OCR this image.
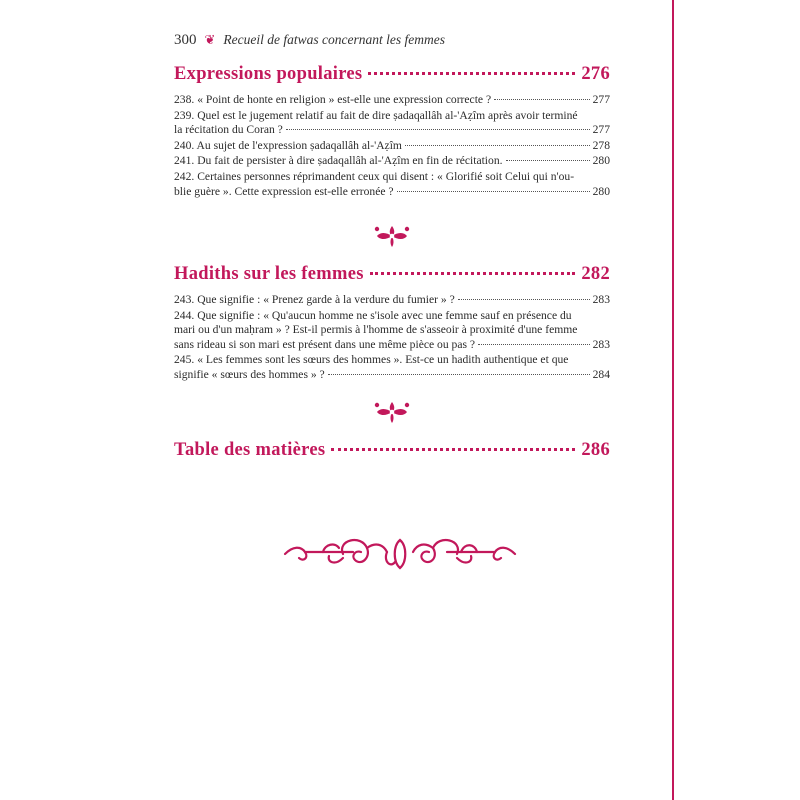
300 ❦ Recueil de fatwas concernant les femmes
Expressions populaires	276
238. « Point de honte en religion » est-elle une expression correcte ?	277
239. Quel est le jugement relatif au fait de dire ṣadaqallâh al-'Aẓîm après avoir terminé
la récitation du Coran ?	277
240. Au sujet de l'expression ṣadaqallâh al-'Aẓîm	278
241. Du fait de persister à dire ṣadaqallâh al-'Aẓîm en fin de récitation.	280
242. Certaines personnes réprimandent ceux qui disent : « Glorifié soit Celui qui n'ou-
blie guère ». Cette expression est-elle erronée ?	280
Hadiths sur les femmes	282
243. Que signifie : « Prenez garde à la verdure du fumier » ?	283
244. Que signifie : « Qu'aucun homme ne s'isole avec une femme sauf en présence du
mari ou d'un maḥram » ? Est-il permis à l'homme de s'asseoir à proximité d'une femme
sans rideau si son mari est présent dans une même pièce ou pas ?	283
245. « Les femmes sont les sœurs des hommes ». Est-ce un hadith authentique et que
signifie « sœurs des hommes » ?	284
Table des matières	286
